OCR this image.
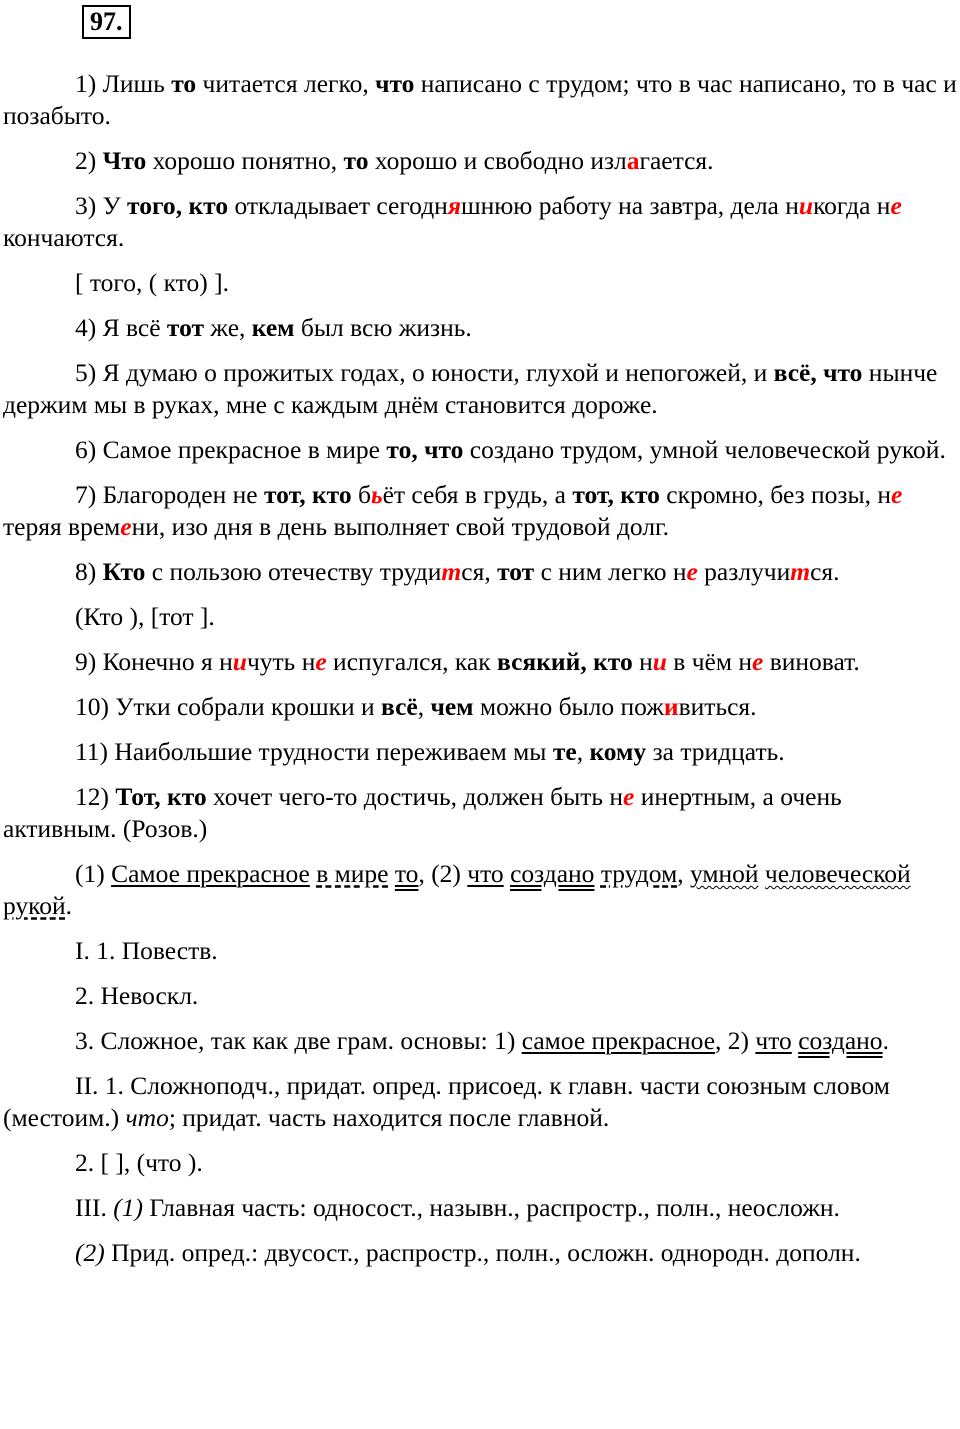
97.

1) Лишь то читается легко, что написано с трудом; что в час написано, то в час и позабыто.

2) Что хорошо понятно, то хорошо и свободно излагается.

3) У того, кто откладывает сегодняшнюю работу на завтра, дела никогда не кончаются.

[ того, ( кто) ].

4) Я всё тот же, кем был всю жизнь.

5) Я думаю о прожитых годах, о юности, глухой и непогожей, и всё, что нынче держим мы в руках, мне с каждым днём становится дороже.

6) Самое прекрасное в мире то, что создано трудом, умной человеческой рукой.

7) Благороден не тот, кто бьёт себя в грудь, а тот, кто скромно, без позы, не теряя времени, изо дня в день выполняет свой трудовой долг.

8) Кто с пользою отечеству трудится, тот с ним легко не разлучится.

(Кто ), [тот ].

9) Конечно я ничуть не испугался, как всякий, кто ни в чём не виноват.

10) Утки собрали крошки и всё, чем можно было поживиться.

11) Наибольшие трудности переживаем мы те, кому за тридцать.

12) Тот, кто хочет чего-то достичь, должен быть не инертным, а очень активным. (Розов.)

(1) Самое прекрасное в мире то, (2) что создано трудом, умной человеческой рукой.

I. 1. Повеств.

2. Невоскл.

3. Сложное, так как две грам. основы: 1) самое прекрасное, 2) что создано.

II. 1. Сложноподч., придат. опред. присоед. к главн. части союзным словом (местоим.) что; придат. часть находится после главной.

2. [ ], (что ).

III. (1) Главная часть: односост., назывн., распростр., полн., неосложн.

(2) Прид. опред.: двусост., распростр., полн., осложн. однородн. дополн.
